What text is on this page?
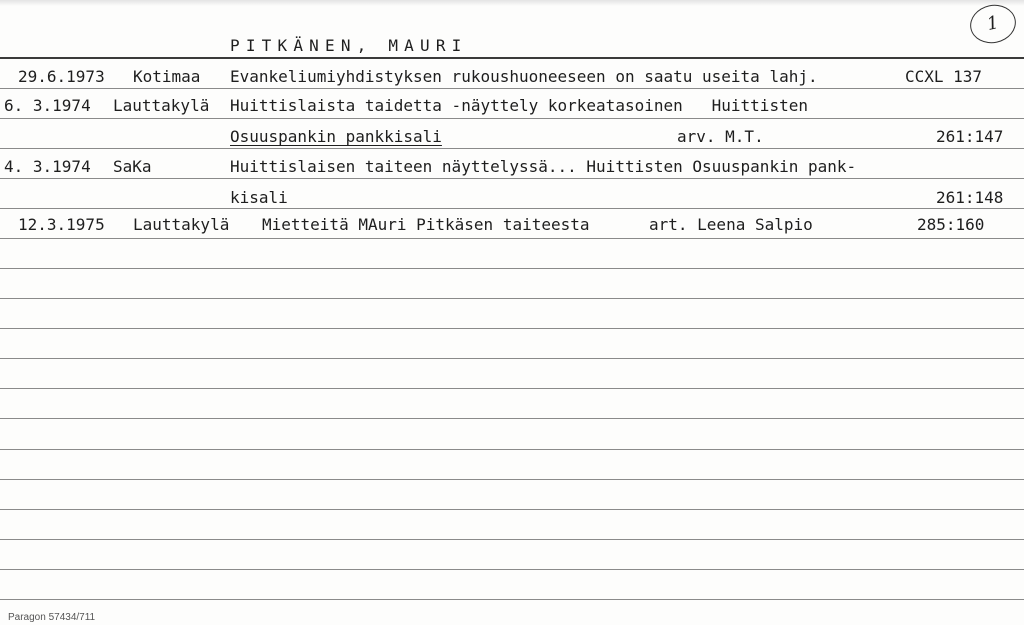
PITKÄNEN, MAURI
1
29.6.1973 Kotimaa Evankeliumiyhdistyksen rukoushuoneeseen on saatu useita lahj.	CCXL 137
6. 3.1974 Lauttakylä Huittislaista taidetta -näyttely korkeatasoinen   Huittisten
Osuuspankin pankkisali	arv. M.T.	261:147
4. 3.1974 SaKa	Huittislaisen taiteen näyttelyssä... Huittisten Osuuspankin pank-
kisali	261:148
12.3.1975 Lauttakylä Mietteitä MAuri Pitkäsen taiteesta	art. Leena Salpio	285:160
Paragon 57434/711
